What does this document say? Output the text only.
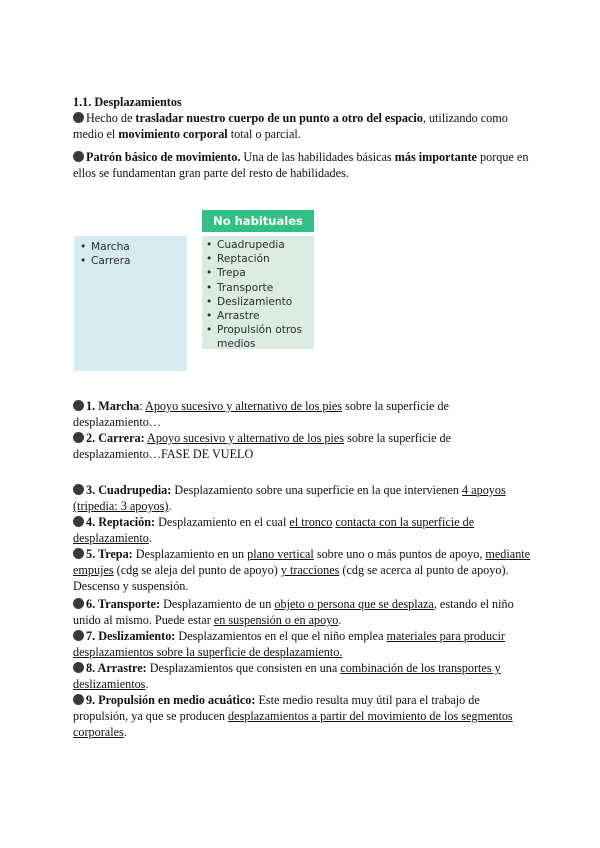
1.1. Desplazamientos
Hecho de trasladar nuestro cuerpo de un punto a otro del espacio, utilizando como medio el movimiento corporal total o parcial.
Patrón básico de movimiento. Una de las habilidades básicas más importante porque en ellos se fundamentan gran parte del resto de habilidades.
• Marcha
• Carrera
No habituales
• Cuadrupedia
• Reptación
• Trepa
• Transporte
• Deslizamiento
• Arrastre
• Propulsión otros medios
1. Marcha: Apoyo sucesivo y alternativo de los pies sobre la superficie de desplazamiento…
2. Carrera: Apoyo sucesivo y alternativo de los pies sobre la superficie de desplazamiento…FASE DE VUELO
3. Cuadrupedia: Desplazamiento sobre una superficie en la que intervienen 4 apoyos (tripedia: 3 apoyos).
4. Reptación: Desplazamiento en el cual el tronco contacta con la superficie de desplazamiento.
5. Trepa: Desplazamiento en un plano vertical sobre uno o más puntos de apoyo, mediante empujes (cdg se aleja del punto de apoyo) y tracciones (cdg se acerca al punto de apoyo). Descenso y suspensión.
6. Transporte: Desplazamiento de un objeto o persona que se desplaza, estando el niño unido al mismo. Puede estar en suspensión o en apoyo.
7. Deslizamiento: Desplazamientos en el que el niño emplea materiales para producir desplazamientos sobre la superficie de desplazamiento.
8. Arrastre: Desplazamientos que consisten en una combinación de los transportes y deslizamientos.
9. Propulsión en medio acuático: Este medio resulta muy útil para el trabajo de propulsión, ya que se producen desplazamientos a partir del movimiento de los segmentos corporales.
